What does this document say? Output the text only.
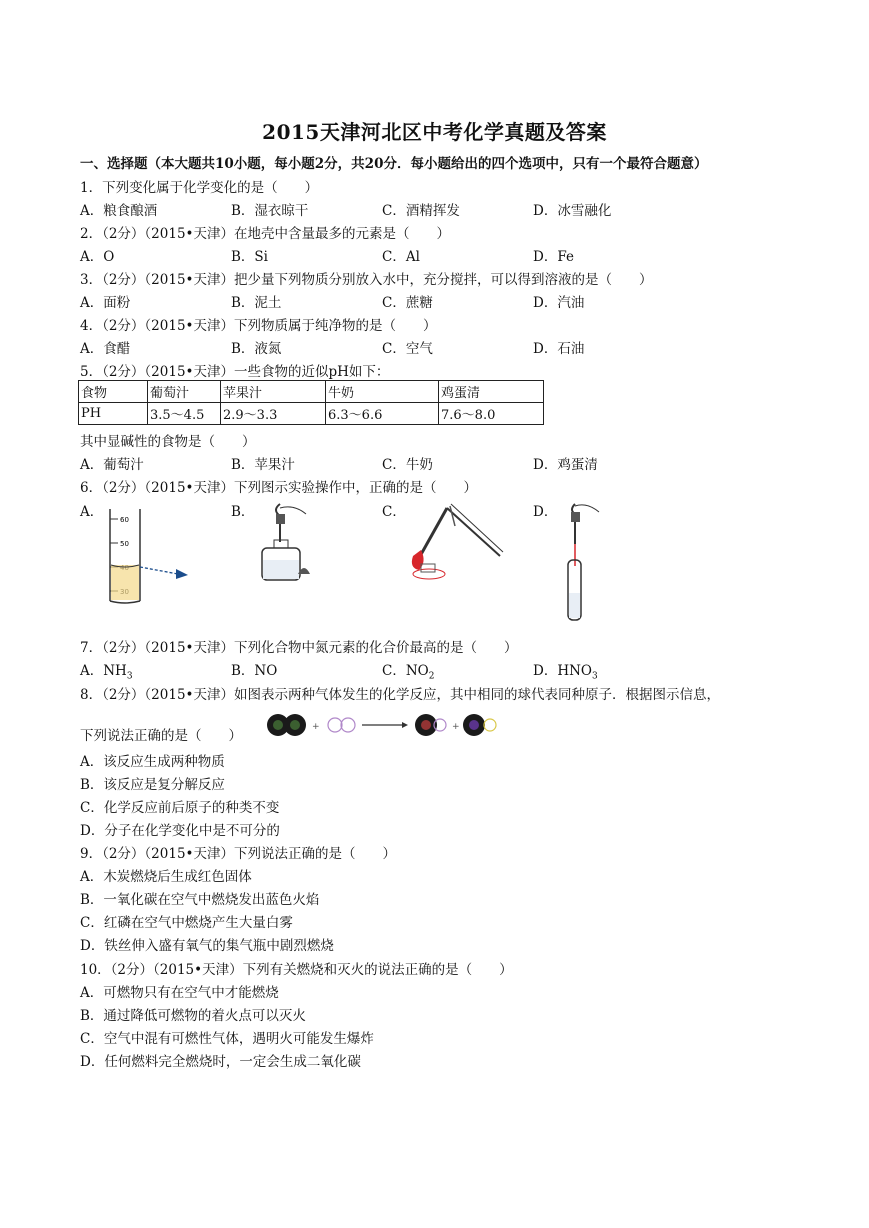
2015天津河北区中考化学真题及答案
一、选择题（本大题共10小题，每小题2分，共20分．每小题给出的四个选项中，只有一个最符合题意）
1．下列变化属于化学变化的是（　　）
A．粮食酿酒	B．湿衣晾干	C．酒精挥发	D．冰雪融化
2．（2分）（2015•天津）在地壳中含量最多的元素是（　　）
A．O	B．Si	C．Al	D．Fe
3．（2分）（2015•天津）把少量下列物质分别放入水中，充分搅拌，可以得到溶液的是（　　）
A．面粉	B．泥土	C．蔗糖	D．汽油
4．（2分）（2015•天津）下列物质属于纯净物的是（　　）
A．食醋	B．液氮	C．空气	D．石油
5．（2分）（2015•天津）一些食物的近似pH如下：
食物	葡萄汁	苹果汁	牛奶	鸡蛋清
PH	3.5～4.5	2.9～3.3	6.3～6.6	7.6～8.0
其中显碱性的食物是（　　）
A．葡萄汁	B．苹果汁	C．牛奶	D．鸡蛋清
6．（2分）（2015•天津）下列图示实验操作中，正确的是（　　）
A．	B．	C．	D．
60
50
7．（2分）（2015•天津）下列化合物中氮元素的化合价最高的是（　　）
A．$NH_3$	B．NO	C．$NO_2$	D．$HNO_3$
8．（2分）（2015•天津）如图表示两种气体发生的化学反应，其中相同的球代表同种原子．根据图示信息，
下列说法正确的是（　　）
+	+
A．该反应生成两种物质
B．该反应是复分解反应
C．化学反应前后原子的种类不变
D．分子在化学变化中是不可分的
9．（2分）（2015•天津）下列说法正确的是（　　）
A．木炭燃烧后生成红色固体
B．一氧化碳在空气中燃烧发出蓝色火焰
C．红磷在空气中燃烧产生大量白雾
D．铁丝伸入盛有氧气的集气瓶中剧烈燃烧
10．（2分）（2015•天津）下列有关燃烧和灭火的说法正确的是（　　）
A．可燃物只有在空气中才能燃烧
B．通过降低可燃物的着火点可以灭火
C．空气中混有可燃性气体，遇明火可能发生爆炸
D．任何燃料完全燃烧时，一定会生成二氧化碳
